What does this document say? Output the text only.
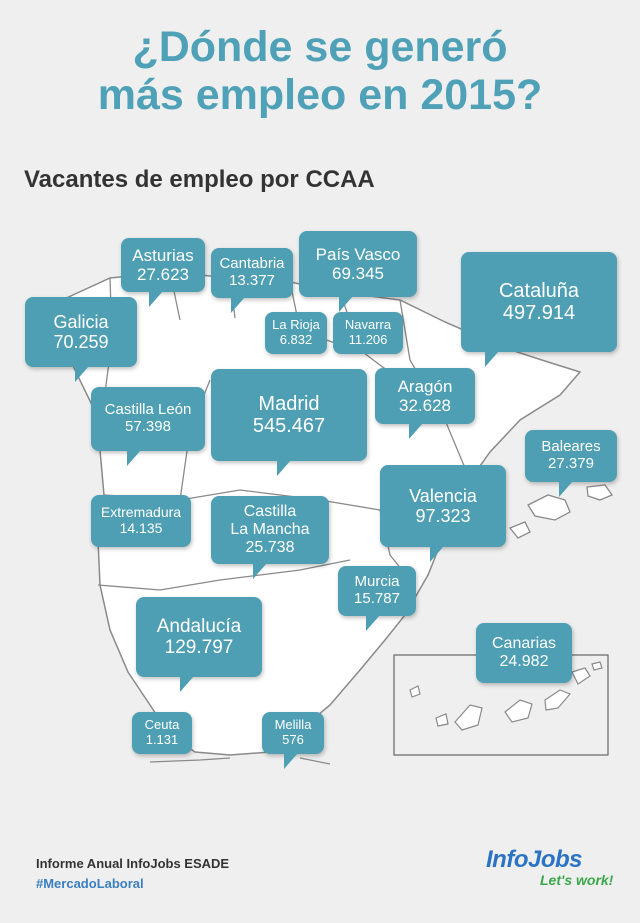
¿Dónde se generó
más empleo en 2015?
Vacantes de empleo por CCAA
Asturias
27.623
Cantabria
13.377
País Vasco
69.345
Galicia
70.259
La Rioja
6.832
Navarra
11.206
Cataluña
497.914
Castilla León
57.398
Madrid
545.467
Aragón
32.628
Baleares
27.379
Extremadura
14.135
Castilla
La Mancha
25.738
Valencia
97.323
Murcia
15.787
Andalucía
129.797	Canarias
24.982
Ceuta
1.131
Melilla
576
Informe Anual InfoJobs ESADE
#MercadoLaboral
InfoJobs
Let's work!
